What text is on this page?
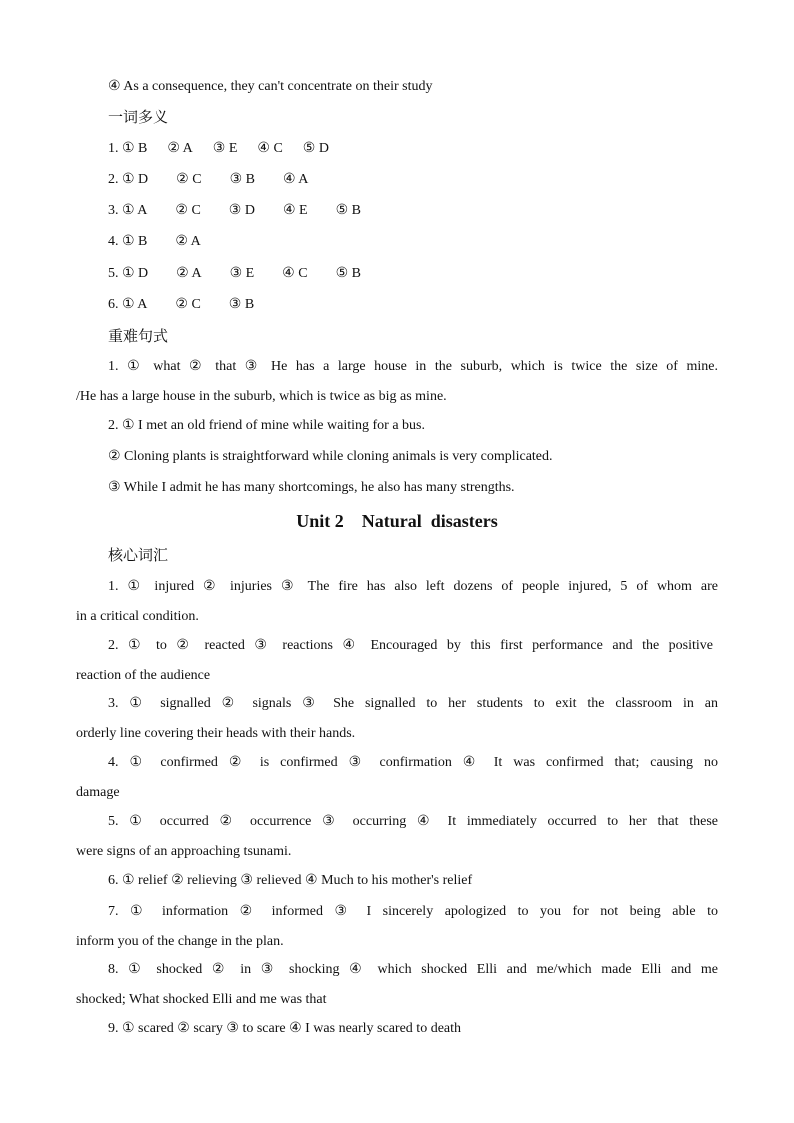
④ As a consequence, they can't concentrate on their study
一词多义
1. ① B ② A ③ E ④ C ⑤ D
2. ① D ② C ③ B ④ A
3. ① A ② C ③ D ④ E ⑤ B
4. ① B ② A
5. ① D ② A ③ E ④ C ⑤ B
6. ① A ② C ③ B
重难句式
1. ① what ② that ③ He has a large house in the suburb, which is twice the size of mine.
/He has a large house in the suburb, which is twice as big as mine.
2. ① I met an old friend of mine while waiting for a bus.
② Cloning plants is straightforward while cloning animals is very complicated.
③ While I admit he has many shortcomings, he also has many strengths.
Unit 2    Natural  disasters
核心词汇
1. ① injured ② injuries ③ The fire has also left dozens of people injured, 5 of whom are
in a critical condition.
2. ① to ② reacted ③ reactions ④ Encouraged by this first performance and the positive
reaction of the audience
3. ① signalled ② signals ③ She signalled to her students to exit the classroom in an
orderly line covering their heads with their hands.
4. ① confirmed ② is confirmed ③ confirmation ④ It was confirmed that; causing no
damage
5. ① occurred ② occurrence ③ occurring ④ It immediately occurred to her that these
were signs of an approaching tsunami.
6. ① relief ② relieving ③ relieved ④ Much to his mother's relief
7. ① information ② informed ③ I sincerely apologized to you for not being able to
inform you of the change in the plan.
8. ① shocked ② in ③ shocking ④ which shocked Elli and me/which made Elli and me
shocked; What shocked Elli and me was that
9. ① scared ② scary ③ to scare ④ I was nearly scared to death
